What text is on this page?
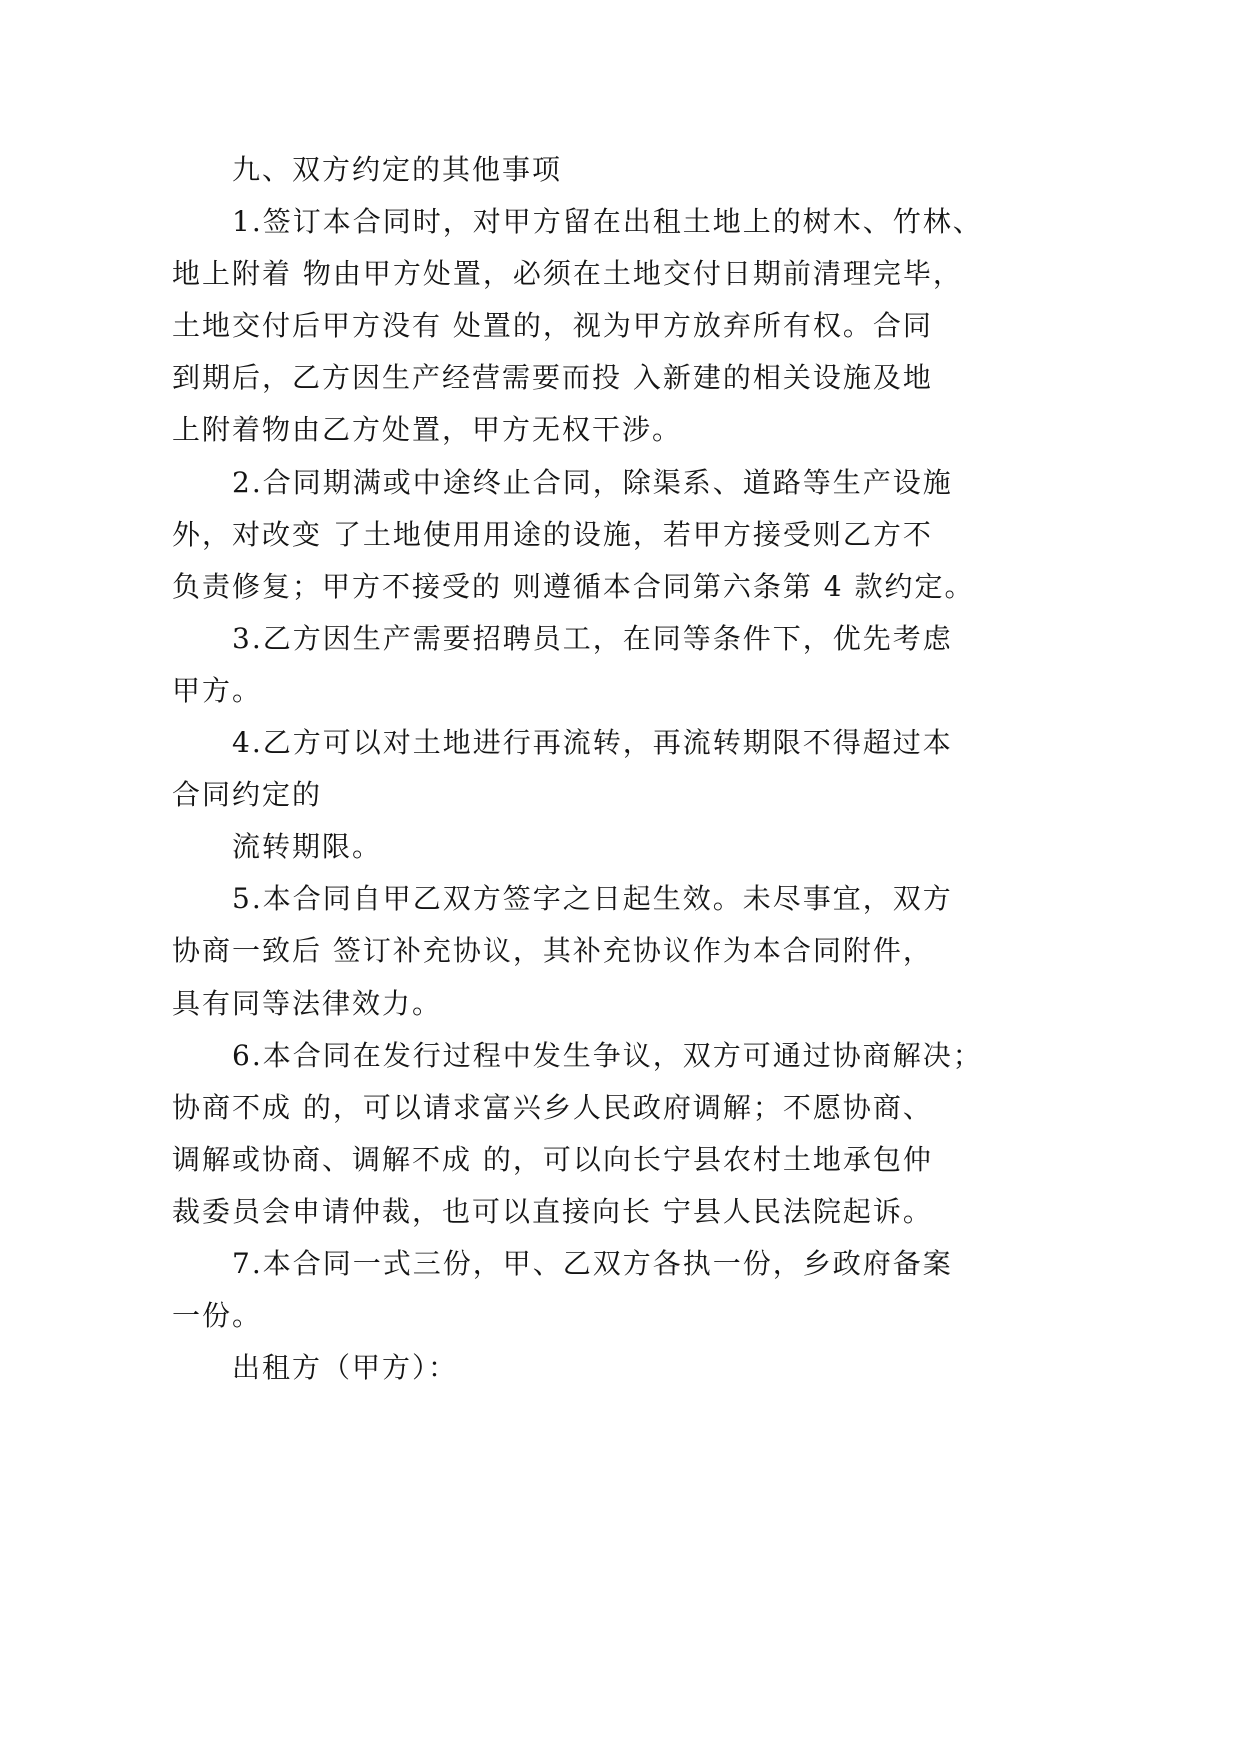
九、双方约定的其他事项
1.签订本合同时，对甲方留在出租土地上的树木、竹林、
地上附着 物由甲方处置，必须在土地交付日期前清理完毕，
土地交付后甲方没有 处置的，视为甲方放弃所有权。合同
到期后，乙方因生产经营需要而投 入新建的相关设施及地
上附着物由乙方处置，甲方无权干涉。
2.合同期满或中途终止合同，除渠系、道路等生产设施
外，对改变 了土地使用用途的设施，若甲方接受则乙方不
负责修复；甲方不接受的 则遵循本合同第六条第 4 款约定。
3.乙方因生产需要招聘员工，在同等条件下，优先考虑
甲方。
4.乙方可以对土地进行再流转，再流转期限不得超过本
合同约定的
流转期限。
5.本合同自甲乙双方签字之日起生效。未尽事宜，双方
协商一致后 签订补充协议，其补充协议作为本合同附件，
具有同等法律效力。
6.本合同在发行过程中发生争议，双方可通过协商解决；
协商不成 的，可以请求富兴乡人民政府调解；不愿协商、
调解或协商、调解不成 的，可以向长宁县农村土地承包仲
裁委员会申请仲裁，也可以直接向长 宁县人民法院起诉。
7.本合同一式三份，甲、乙双方各执一份，乡政府备案
一份。
出租方（甲方）：
